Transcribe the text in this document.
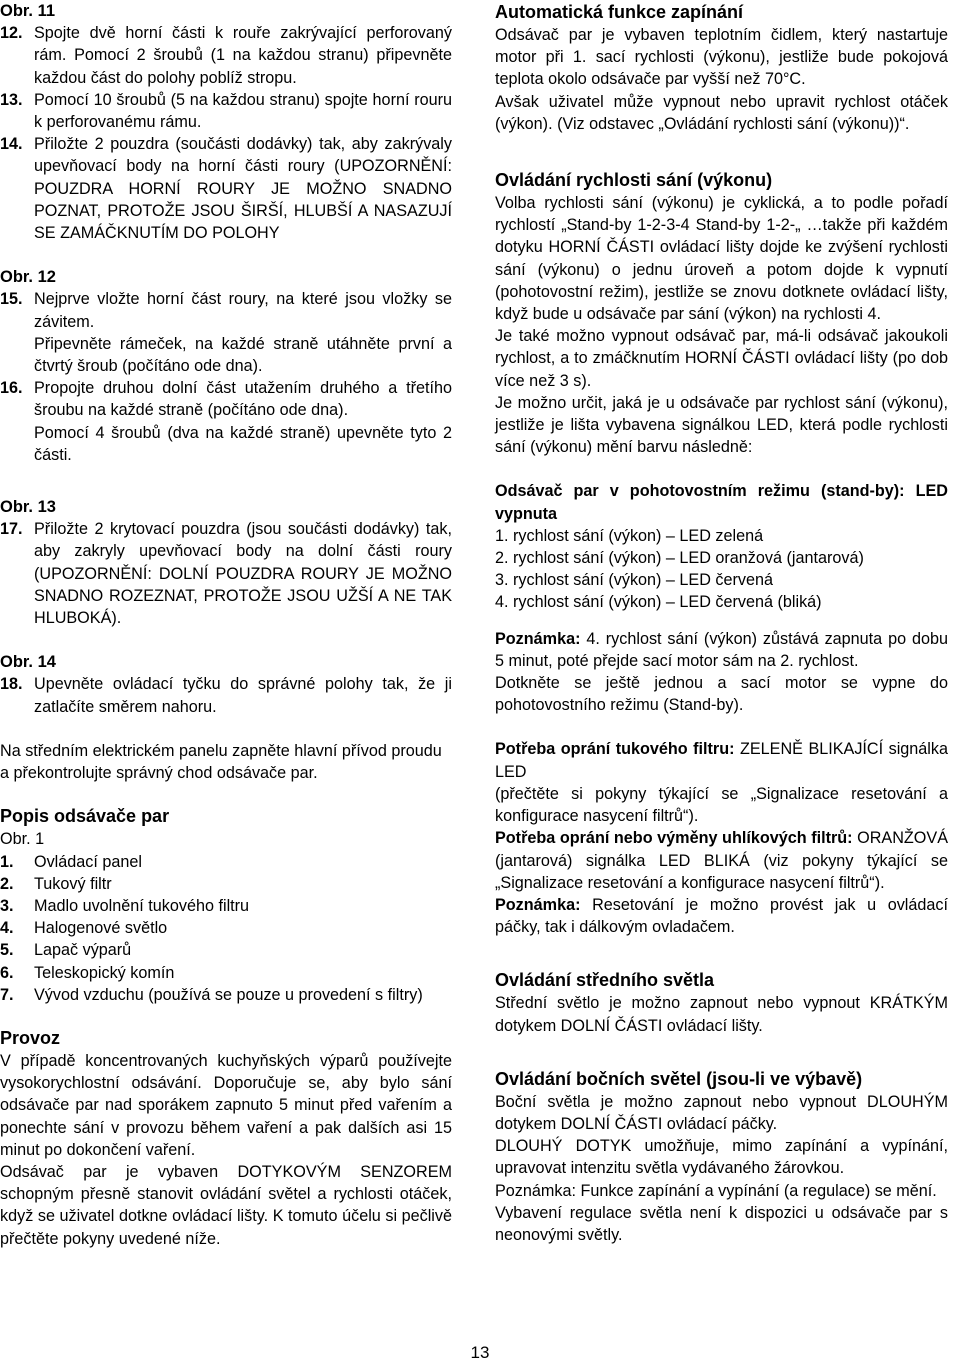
Obr. 11

12. Spojte dvě horní části k rouře zakrývající perforovaný rám. Pomocí 2 šroubů (1 na každou stranu) připevněte každou část do polohy poblíž stropu.
13. Pomocí 10 šroubů (5 na každou stranu) spojte horní rouru k perforovanému rámu.
14. Přiložte 2 pouzdra (součásti dodávky) tak, aby zakrývaly upevňovací body na horní části roury (UPOZORNĚNÍ: POUZDRA HORNÍ ROURY JE MOŽNO SNADNO POZNAT, PROTOŽE JSOU ŠIRŠÍ, HLUBŠÍ A NASAZUJÍ SE ZAMÁČKNUTÍM DO POLOHY

Obr. 12

15. Nejprve vložte horní část roury, na které jsou vložky se závitem.

Připevněte rámeček, na každé straně utáhněte první a čtvrtý šroub (počítáno ode dna).

16. Propojte druhou dolní část utažením druhého a třetího šroubu na každé straně (počítáno ode dna).

Pomocí 4 šroubů (dva na každé straně) upevněte tyto 2 části.

Obr. 13

17. Přiložte 2 krytovací pouzdra (jsou součásti dodávky) tak, aby zakryly upevňovací body na dolní části roury (UPOZORNĚNÍ: DOLNÍ POUZDRA ROURY JE MOŽNO SNADNO ROZEZNAT, PROTOŽE JSOU UŽŠÍ A NE TAK HLUBOKÁ).

Obr. 14

18. Upevněte ovládací tyčku do správné polohy tak, že ji zatlačíte směrem nahoru.

Na středním elektrickém panelu zapněte hlavní přívod proudu a překontrolujte správný chod odsávače par.

Popis odsávače par

Obr. 1

1.	Ovládací panel
2.	Tukový filtr
3.	Madlo uvolnění tukového filtru
4.	Halogenové světlo
5.	Lapač výparů
6.	Teleskopický komín
7.	Vývod vzduchu (používá se pouze u provedení s filtry)

Provoz

V případě koncentrovaných kuchyňských výparů používejte vysokorychlostní odsávání. Doporučuje se, aby bylo sání odsávače par nad sporákem zapnuto 5 minut před vařením a ponechte sání v provozu během vaření a pak dalších asi 15 minut po dokončení vaření.

Odsávač par je vybaven DOTYKOVÝM SENZOREM schopným přesně stanovit ovládání světel a rychlosti otáček, když se uživatel dotkne ovládací lišty. K tomuto účelu si pečlivě přečtěte pokyny uvedené níže.

Automatická funkce zapínání

Odsávač par je vybaven teplotním čidlem, který nastartuje motor při 1. sací rychlosti (výkonu), jestliže bude pokojová teplota okolo odsávače par vyšší než 70°C.

Avšak uživatel může vypnout nebo upravit rychlost otáček (výkon). (Viz odstavec „Ovládání rychlosti sání (výkonu))“.

Ovládání rychlosti sání (výkonu)

Volba rychlosti sání (výkonu) je cyklická, a to podle pořadí rychlostí „Stand-by 1-2-3-4 Stand-by 1-2-„ …takže při každém dotyku HORNÍ ČÁSTI ovládací lišty dojde ke zvýšení rychlosti sání (výkonu) o jednu úroveň a potom dojde k vypnutí (pohotovostní režim), jestliže se znovu dotknete ovládací lišty, když bude u odsávače par sání (výkon) na rychlosti 4.

Je také možno vypnout odsávač par, má-li odsávač jakoukoli rychlost, a to zmáčknutím HORNÍ ČÁSTI ovládací lišty (po dob více než 3 s).

Je možno určit, jaká je u odsávače par rychlost sání (výkonu), jestliže je lišta vybavena signálkou LED, která podle rychlosti sání (výkonu) mění barvu následně:

Odsávač par v pohotovostním režimu (stand-by): LED vypnuta

1. rychlost sání (výkon) – LED zelená

2. rychlost sání (výkon) – LED oranžová (jantarová)

3. rychlost sání (výkon) – LED červená

4. rychlost sání (výkon) – LED červená (bliká)

Poznámka: 4. rychlost sání (výkon) zůstává zapnuta po dobu 5 minut, poté přejde sací motor sám na 2. rychlost.

Dotkněte se ještě jednou a sací motor se vypne do pohotovostního režimu (Stand-by).

Potřeba oprání tukového filtru: ZELENĚ BLIKAJÍCÍ signálka LED

(přečtěte si pokyny týkající se „Signalizace resetování a konfigurace nasycení filtrů“).

Potřeba oprání nebo výměny uhlíkových filtrů: ORANŽOVÁ (jantarová) signálka LED BLIKÁ (viz pokyny týkající se „Signalizace resetování a konfigurace nasycení filtrů“).

Poznámka: Resetování je možno provést jak u ovládací páčky, tak i dálkovým ovladačem.

Ovládání středního světla

Střední světlo je možno zapnout nebo vypnout KRÁTKÝM dotykem DOLNÍ ČÁSTI ovládací lišty.

Ovládání bočních světel (jsou-li ve výbavě)

Boční světla je možno zapnout nebo vypnout DLOUHÝM dotykem DOLNÍ ČÁSTI ovládací páčky.

DLOUHÝ DOTYK umožňuje, mimo zapínání a vypínání, upravovat intenzitu světla vydávaného žárovkou.

Poznámka: Funkce zapínání a vypínání (a regulace) se mění.

Vybavení regulace světla není k dispozici u odsávače par s neonovými světly.

13
